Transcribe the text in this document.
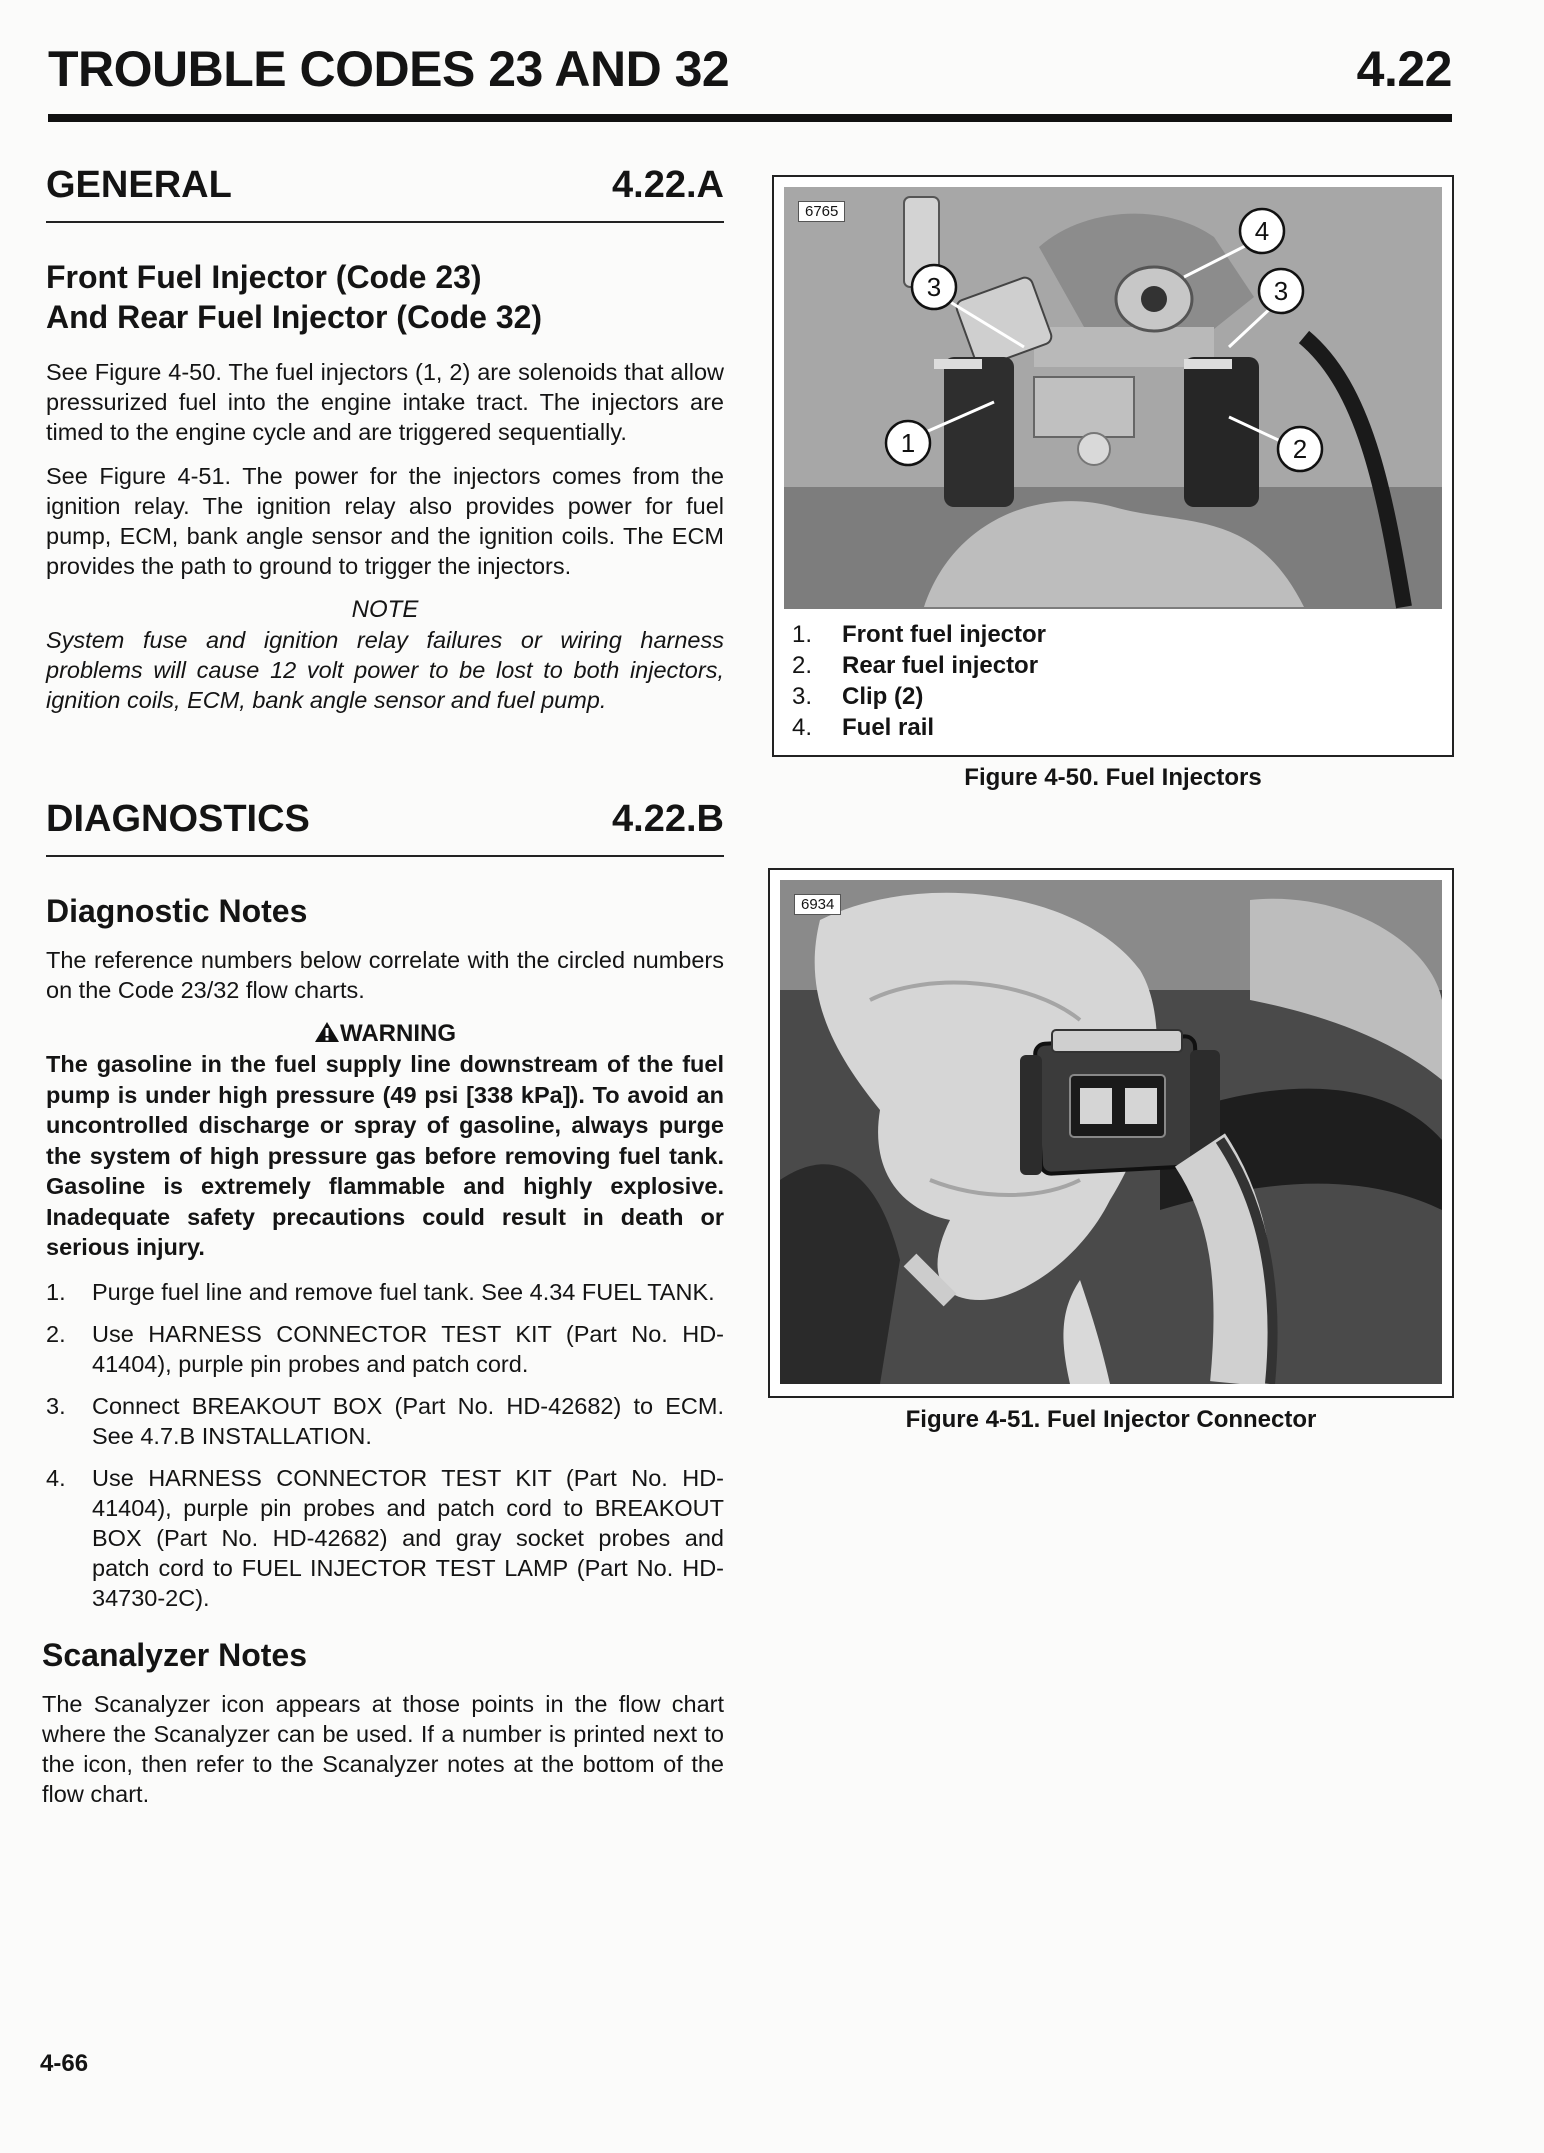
TROUBLE CODES 23 AND 32	4.22
GENERAL	4.22.A
Front Fuel Injector (Code 23)
And Rear Fuel Injector (Code 32)

See Figure 4-50. The fuel injectors (1, 2) are solenoids that allow pressurized fuel into the engine intake tract. The injectors are timed to the engine cycle and are triggered sequentially.

See Figure 4-51. The power for the injectors comes from the ignition relay. The ignition relay also provides power for fuel pump, ECM, bank angle sensor and the ignition coils. The ECM provides the path to ground to trigger the injectors.

NOTE
System fuse and ignition relay failures or wiring harness problems will cause 12 volt power to be lost to both injectors, ignition coils, ECM, bank angle sensor and fuel pump.
DIAGNOSTICS	4.22.B
Diagnostic Notes

The reference numbers below correlate with the circled numbers on the Code 23/32 flow charts.

WARNING
The gasoline in the fuel supply line downstream of the fuel pump is under high pressure (49 psi [338 kPa]). To avoid an uncontrolled discharge or spray of gasoline, always purge the system of high pressure gas before removing fuel tank. Gasoline is extremely flammable and highly explosive. Inadequate safety precautions could result in death or serious injury.
1.	Purge fuel line and remove fuel tank. See 4.34 FUEL TANK.
2.	Use HARNESS CONNECTOR TEST KIT (Part No. HD-41404), purple pin probes and patch cord.
3.	Connect BREAKOUT BOX (Part No. HD-42682) to ECM. See 4.7.B INSTALLATION.
4.	Use HARNESS CONNECTOR TEST KIT (Part No. HD-41404), purple pin probes and patch cord to BREAKOUT BOX (Part No. HD-42682) and gray socket probes and patch cord to FUEL INJECTOR TEST LAMP (Part No. HD-34730-2C).
Scanalyzer Notes

The Scanalyzer icon appears at those points in the flow chart where the Scanalyzer can be used. If a number is printed next to the icon, then refer to the Scanalyzer notes at the bottom of the flow chart.

1	2
3	3
4
6765
1.	Front fuel injector
2.	Rear fuel injector
3.	Clip (2)
4.	Fuel rail
Figure 4-50. Fuel Injectors
6934
Figure 4-51. Fuel Injector Connector
4-66
